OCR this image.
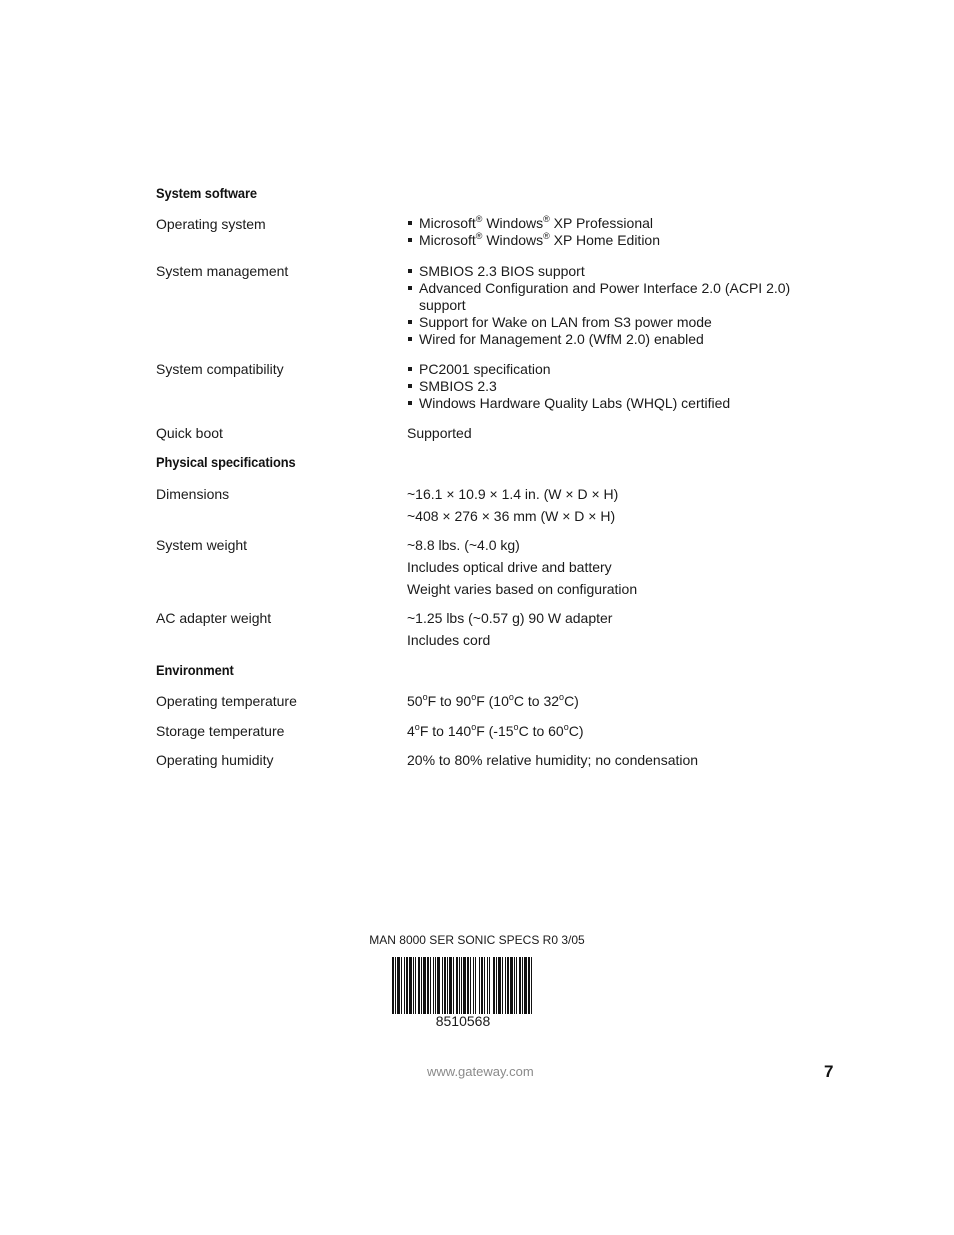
System software
Operating system	Microsoft® Windows® XP Professional
Microsoft® Windows® XP Home Edition
System management	SMBIOS 2.3 BIOS support
Advanced Configuration and Power Interface 2.0 (ACPI 2.0) support
Support for Wake on LAN from S3 power mode
Wired for Management 2.0 (WfM 2.0) enabled
System compatibility	PC2001 specification
SMBIOS 2.3
Windows Hardware Quality Labs (WHQL) certified
Quick boot	Supported
Physical specifications
Dimensions	~16.1 × 10.9 × 1.4 in. (W × D × H)
~408 × 276 × 36 mm (W × D × H)
System weight	~8.8 lbs. (~4.0 kg)
Includes optical drive and battery
Weight varies based on configuration
AC adapter weight	~1.25 lbs (~0.57 g) 90 W adapter
Includes cord
Environment
Operating temperature	50$^o$F to 90$^o$F (10$^o$C to 32$^o$C)
Storage temperature	4$^o$F to 140$^o$F (-15$^o$C to 60$^o$C)
Operating humidity	20% to 80% relative humidity; no condensation
MAN 8000 SER SONIC SPECS R0 3/05
8510568
www.gateway.com	7
